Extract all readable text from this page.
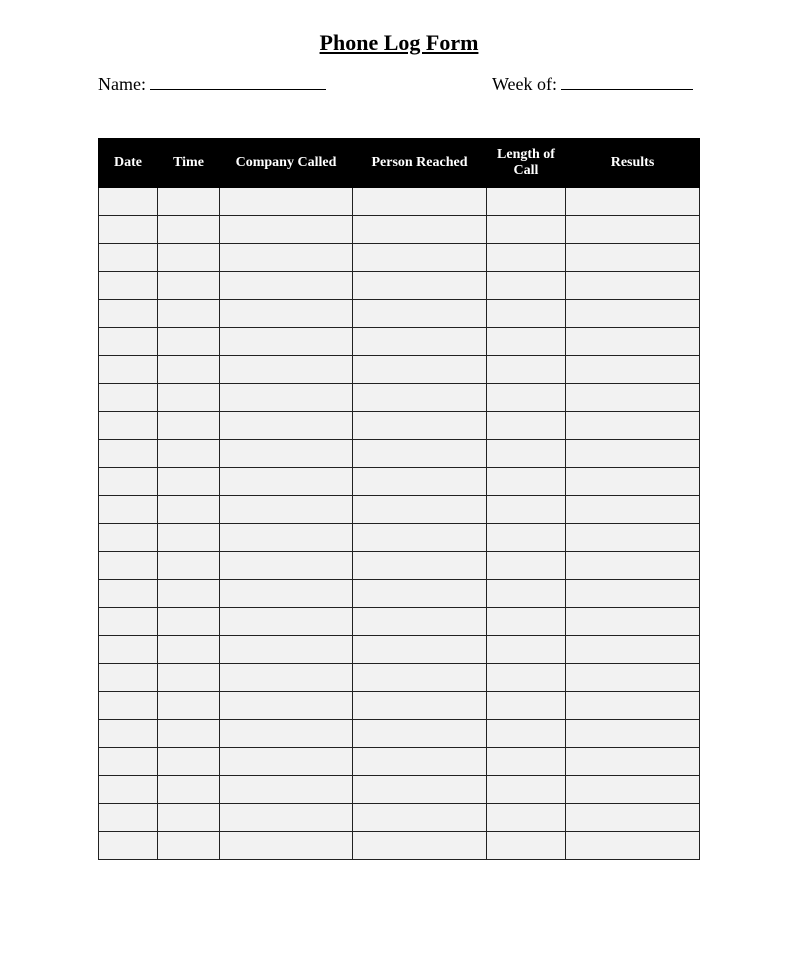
Phone Log Form
Name:	Week of:
Date	Time	Company Called	Person Reached	Length of Call	Results
